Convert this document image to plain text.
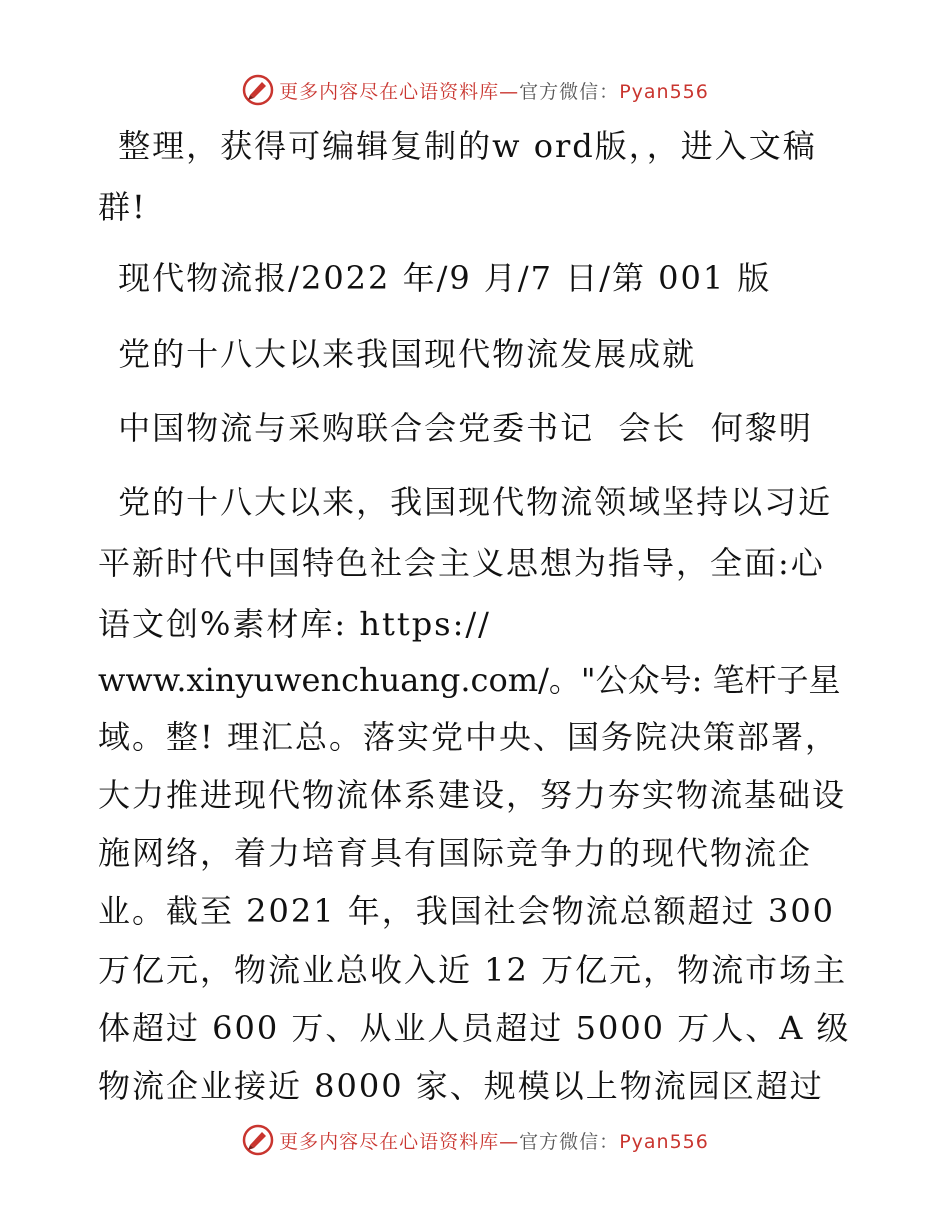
更多内容尽在心语资料库—官方微信：Pyan556
整理，获得可编辑复制的w ord版，，进入文稿
群!
现代物流报/2022 年/9 月/7 日/第 001 版
党的十八大以来我国现代物流发展成就
中国物流与采购联合会党委书记  会长  何黎明
党的十八大以来，我国现代物流领域坚持以习近
平新时代中国特色社会主义思想为指导，全面:心
语文创%素材库: https://
www.xinyuwenchuang.com/。"公众号: 笔杆子星
域。整! 理汇总。落实党中央、国务院决策部署，
大力推进现代物流体系建设，努力夯实物流基础设
施网络，着力培育具有国际竞争力的现代物流企
业。截至 2021 年，我国社会物流总额超过 300
万亿元，物流业总收入近 12 万亿元，物流市场主
体超过 600 万、从业人员超过 5000 万人、A 级
物流企业接近 8000 家、规模以上物流园区超过
更多内容尽在心语资料库—官方微信：Pyan556
